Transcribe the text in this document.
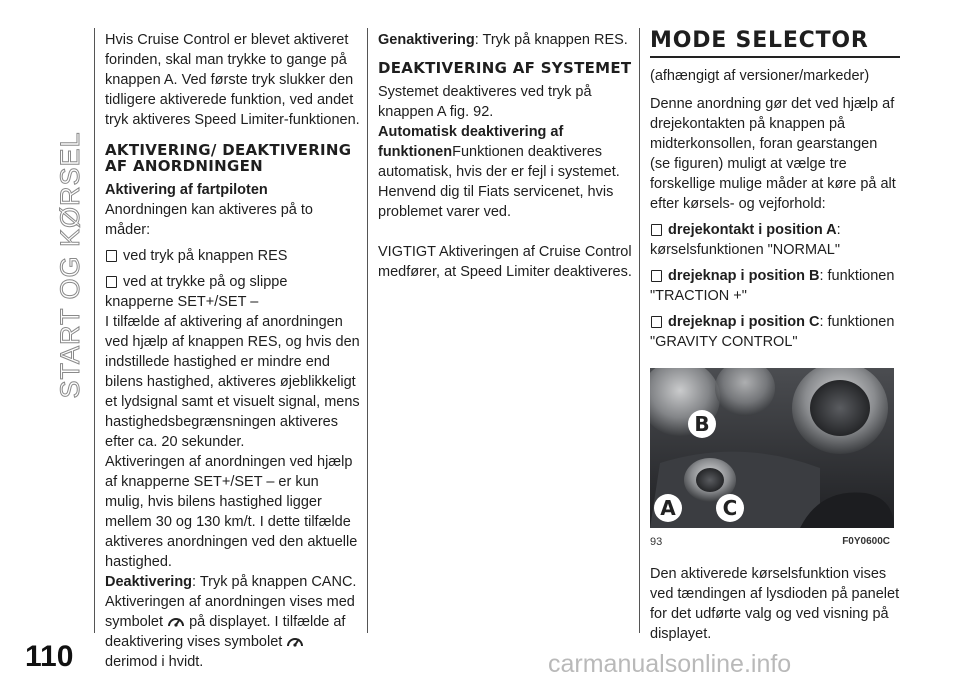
START OG KØRSEL
110

Hvis Cruise Control er blevet aktiveret forinden, skal man trykke to gange på knappen A. Ved første tryk slukker den tidligere aktiverede funktion, ved andet tryk aktiveres Speed Limiter-funktionen.

AKTIVERING/ DEAKTIVERING AF ANORDNINGEN

Aktivering af fartpiloten

Anordningen kan aktiveres på to måder:

ved tryk på knappen RES
ved at trykke på og slippe

knapperne SET+/SET –

I tilfælde af aktivering af anordningen ved hjælp af knappen RES, og hvis den indstillede hastighed er mindre end bilens hastighed, aktiveres øjeblikkeligt et lydsignal samt et visuelt signal, mens hastighedsbegrænsningen aktiveres efter ca. 20 sekunder.

Aktiveringen af anordningen ved hjælp af knapperne SET+/SET – er kun mulig, hvis bilens hastighed ligger mellem 30 og 130 km/t. I dette tilfælde aktiveres anordningen ved den aktuelle hastighed.

Deaktivering: Tryk på knappen CANC.

Aktiveringen af anordningen vises med symbolet på displayet. I tilfælde af deaktivering vises symbolet  derimod i hvidt.

Genaktivering: Tryk på knappen RES.

DEAKTIVERING AF SYSTEMET

Systemet deaktiveres ved tryk på knappen A fig. 92.

Automatisk deaktivering af

funktionenFunktionen deaktiveres automatisk, hvis der er fejl i systemet. Henvend dig til Fiats servicenet, hvis problemet varer ved.

VIGTIGT Aktiveringen af Cruise Control medfører, at Speed Limiter deaktiveres.

MODE SELECTOR

(afhængigt af versioner/markeder)

Denne anordning gør det ved hjælp af drejekontakten på knappen på midterkonsollen, foran gearstangen (se figuren) muligt at vælge tre forskellige mulige måder at køre på alt efter kørsels- og vejforhold:

drejekontakt i position A:

kørselsfunktionen "NORMAL"

drejeknap i position B: funktionen

"TRACTION +"

drejeknap i position C: funktionen

"GRAVITY CONTROL"

B
A C
93	F0Y0600C

Den aktiverede kørselsfunktion vises ved tændingen af lysdioden på panelet for det udførte valg og ved visning på displayet.

carmanualsonline.info
